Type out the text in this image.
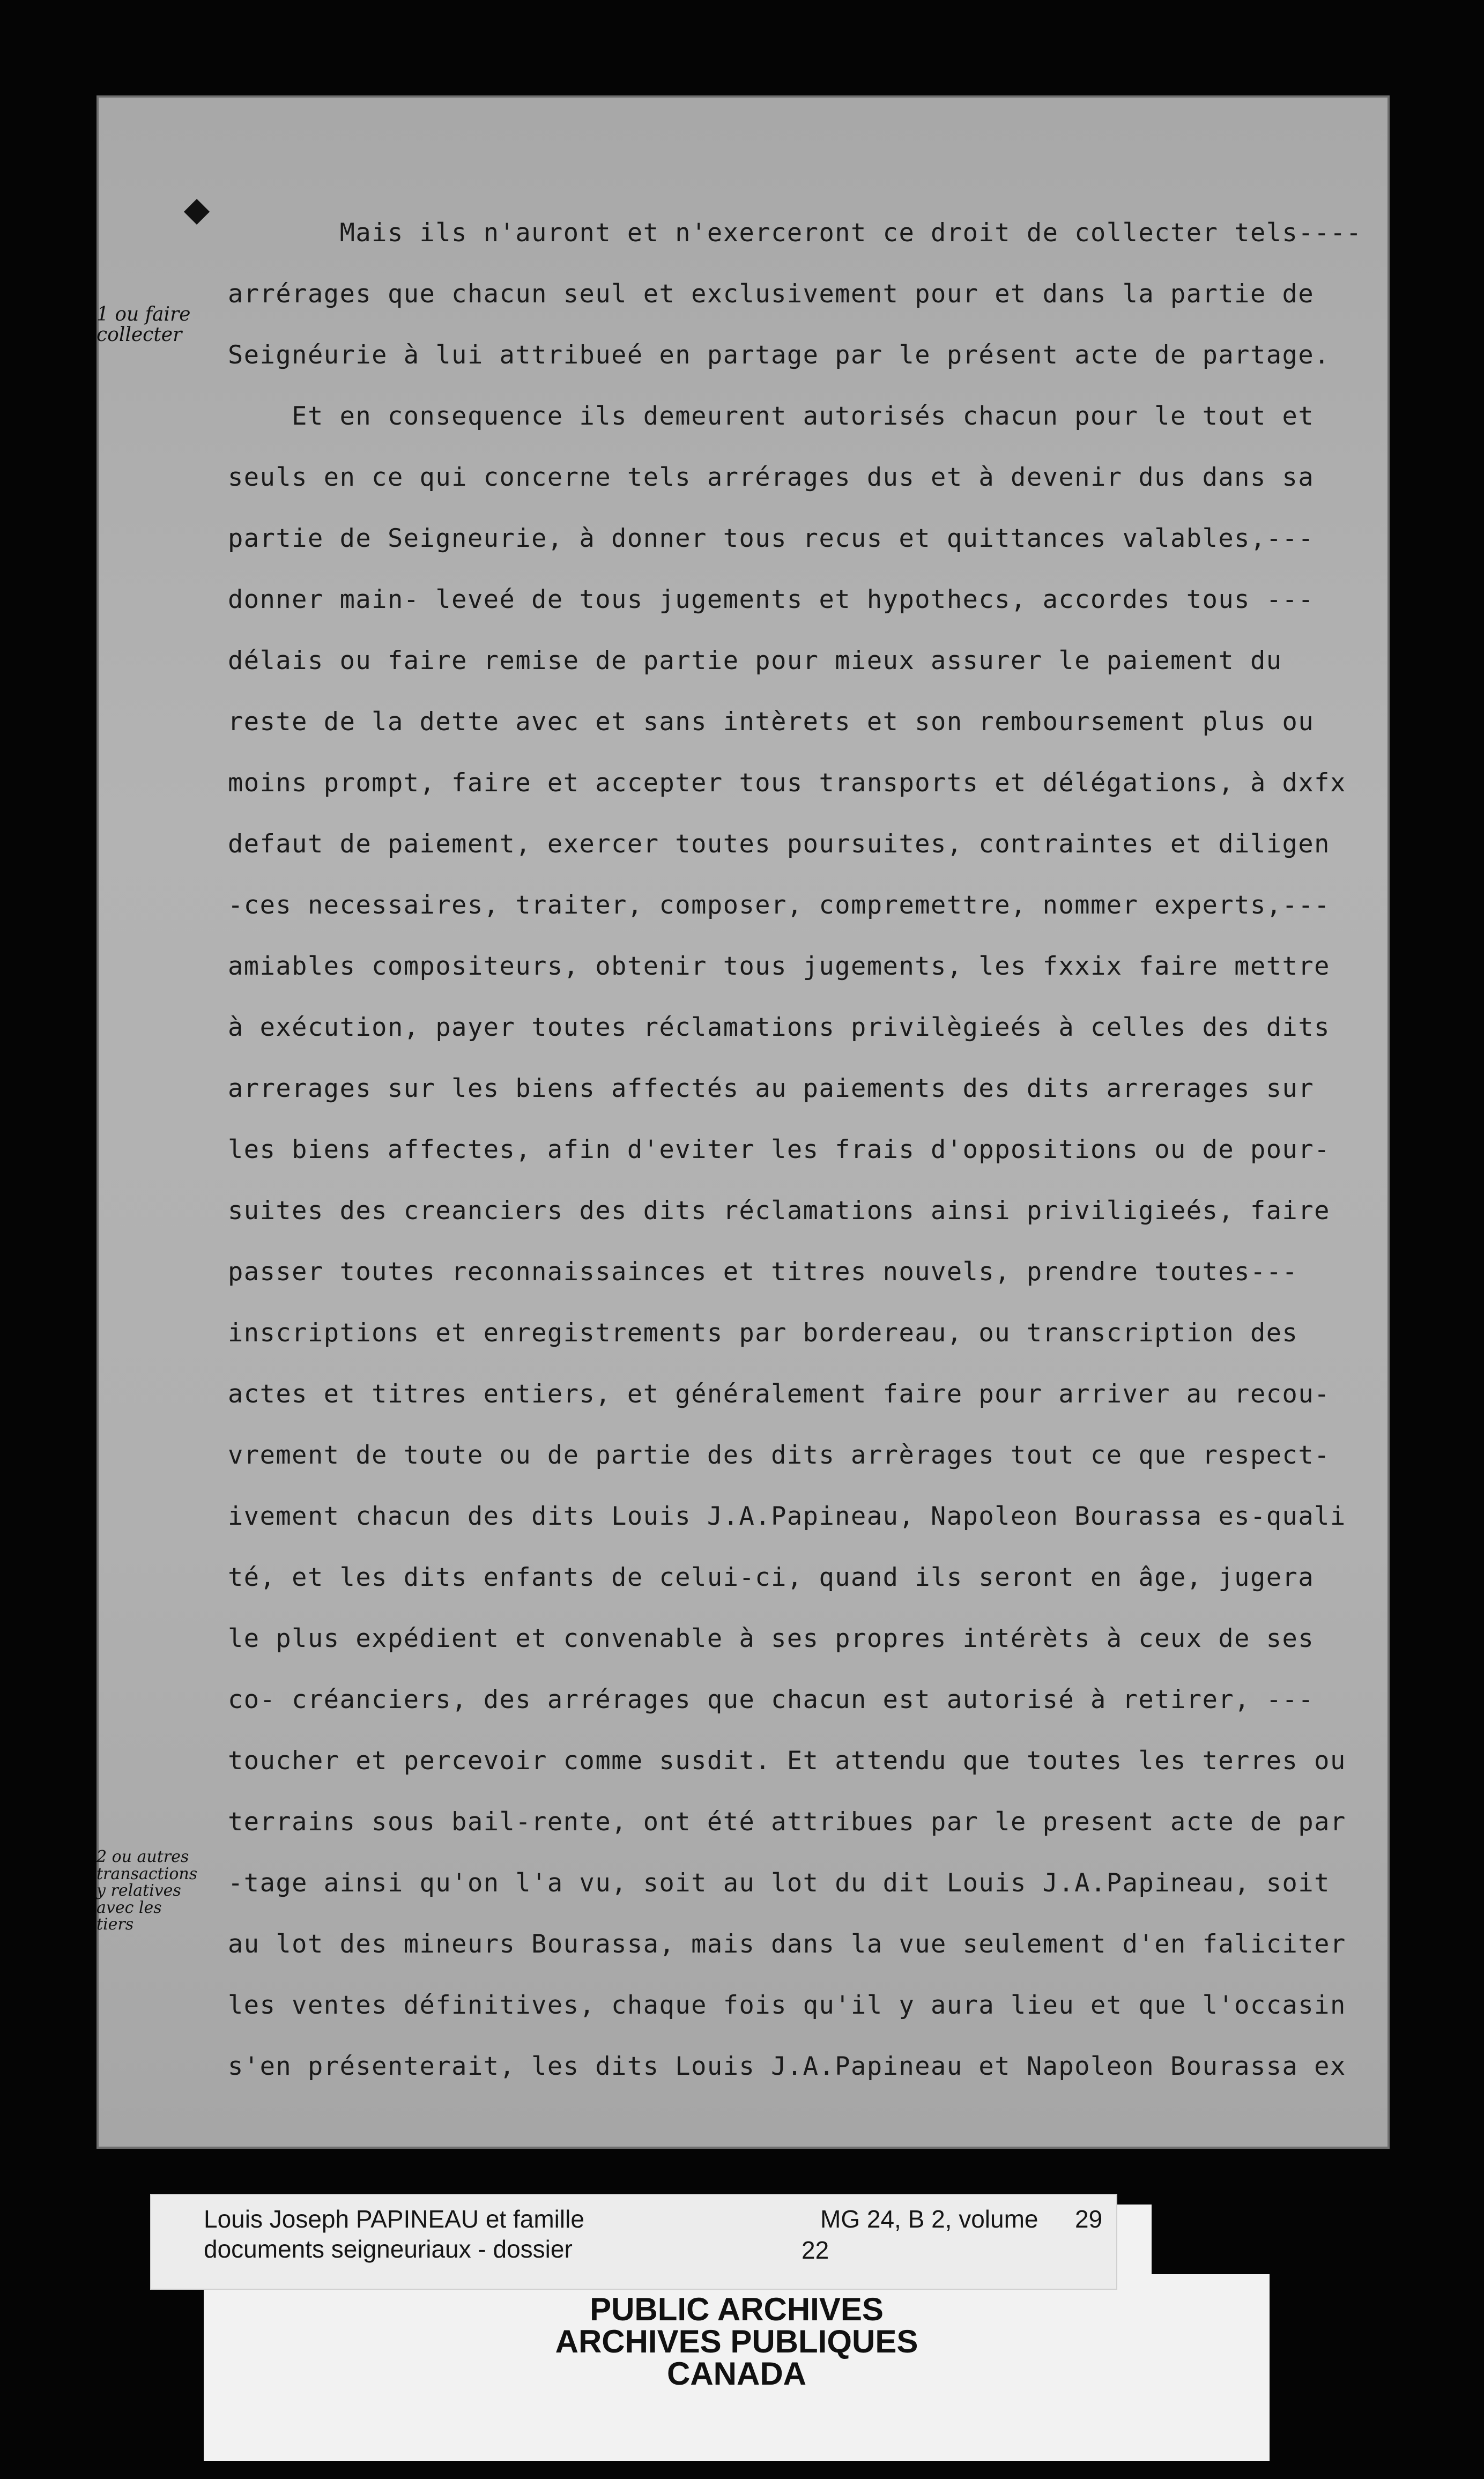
1 ou faire collecter
2 ou autres transactions y relatives avec les tiers
Mais ils n'auront et n'exerceront ce droit de collecter tels----
arrérages que chacun seul et exclusivement pour et dans la partie de
Seignéurie à lui attribueé en partage par le présent acte de partage.
Et en consequence ils demeurent autorisés chacun pour le tout et
seuls en ce qui concerne tels arrérages dus et à devenir dus dans sa
partie de Seigneurie, à donner tous recus et quittances valables,---
donner main- leveé de tous jugements et hypothecs, accordes tous ---
délais ou faire remise de partie pour mieux assurer le paiement du
reste de la dette avec et sans intèrets et son remboursement plus ou
moins prompt, faire et accepter tous transports et délégations, à dxfx
defaut de paiement, exercer toutes poursuites, contraintes et diligen
-ces necessaires, traiter, composer, compremettre, nommer experts,---
amiables compositeurs, obtenir tous jugements, les fxxix faire mettre
à exécution, payer toutes réclamations privilègieés à celles des dits
arrerages sur les biens affectés au paiements des dits arrerages sur
les biens affectes, afin d'eviter les frais d'oppositions ou de pour-
suites des creanciers des dits réclamations ainsi priviligieés, faire
passer toutes reconnaissainces et titres nouvels, prendre toutes---
inscriptions et enregistrements par bordereau, ou transcription des
actes et titres entiers, et généralement faire pour arriver au recou-
vrement de toute ou de partie des dits arrèrages tout ce que respect-
ivement chacun des dits Louis J.A.Papineau, Napoleon Bourassa es-quali
té, et les dits enfants de celui-ci, quand ils seront en âge, jugera
le plus expédient et convenable à ses propres intérèts à ceux de ses
co- créanciers, des arrérages que chacun est autorisé à retirer, ---
toucher et percevoir comme susdit. Et attendu que toutes les terres ou
terrains sous bail-rente, ont été attribues par le present acte de par
-tage ainsi qu'on l'a vu, soit au lot du dit Louis J.A.Papineau, soit
au lot des mineurs Bourassa, mais dans la vue seulement d'en faliciter
les ventes définitives, chaque fois qu'il y aura lieu et que l'occasin
s'en présenterait, les dits Louis J.A.Papineau et Napoleon Bourassa ex
Louis Joseph PAPINEAU et famille
documents seigneuriaux - dossier
MG 24, B 2, volume 29
22
PUBLIC ARCHIVES
ARCHIVES PUBLIQUES
CANADA
